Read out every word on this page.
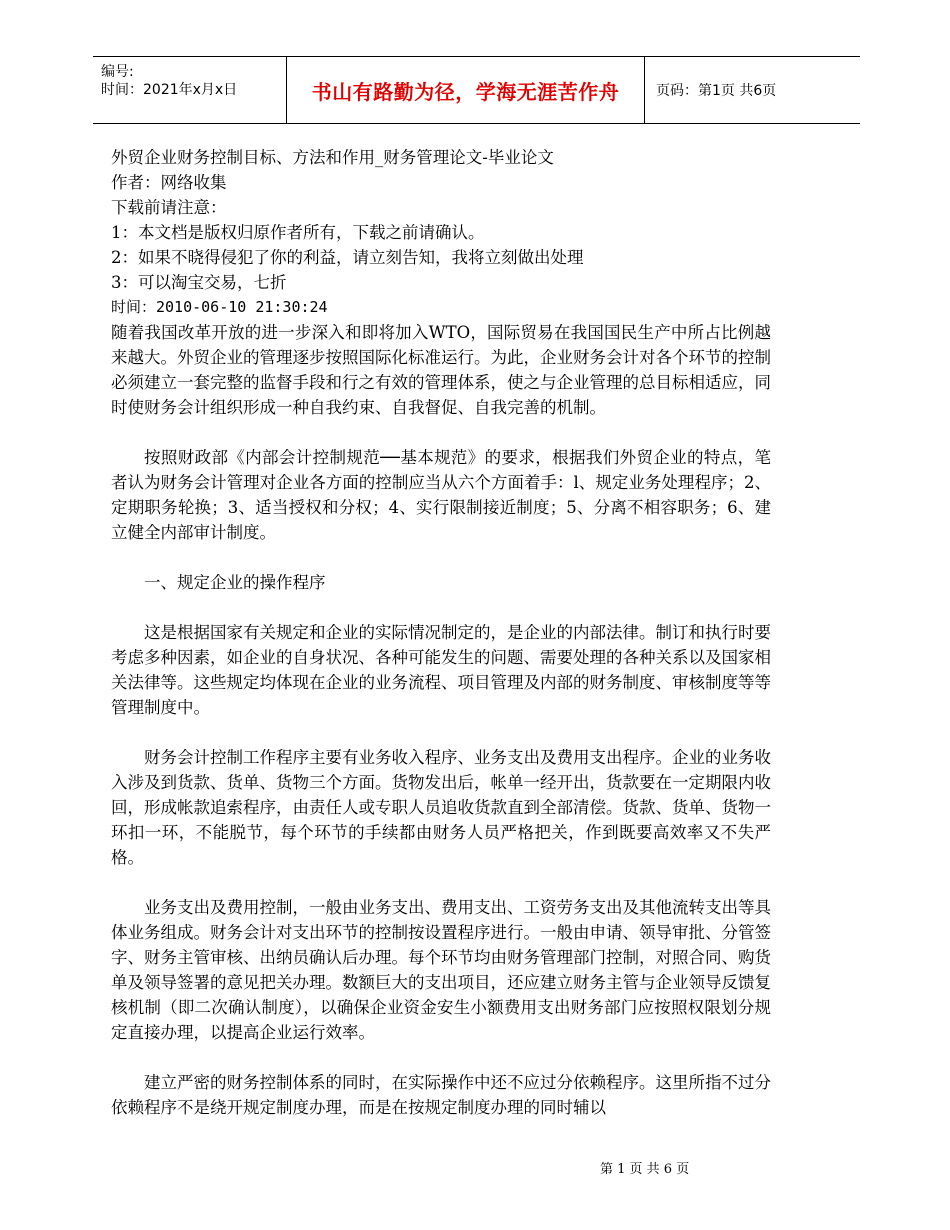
编号:
时间：2021年x月x日	书山有路勤为径，学海无涯苦作舟	页码：第1页 共6页
外贸企业财务控制目标、方法和作用_财务管理论文-毕业论文
作者：网络收集
下载前请注意：
1：本文档是版权归原作者所有，下载之前请确认。
2：如果不晓得侵犯了你的利益，请立刻告知，我将立刻做出处理
3：可以淘宝交易，七折
时间：2010-06-10 21:30:24

随着我国改革开放的进一步深入和即将加入WTO，国际贸易在我国国民生产中所占比例越来越大。外贸企业的管理逐步按照国际化标准运行。为此，企业财务会计对各个环节的控制必须建立一套完整的监督手段和行之有效的管理体系，使之与企业管理的总目标相适应，同时使财务会计组织形成一种自我约束、自我督促、自我完善的机制。

按照财政部《内部会计控制规范──基本规范》的要求，根据我们外贸企业的特点，笔者认为财务会计管理对企业各方面的控制应当从六个方面着手：l、规定业务处理程序；2、定期职务轮换；3、适当授权和分权；4、实行限制接近制度；5、分离不相容职务；6、建立健全内部审计制度。

一、规定企业的操作程序

这是根据国家有关规定和企业的实际情况制定的，是企业的内部法律。制订和执行时要考虑多种因素，如企业的自身状况、各种可能发生的问题、需要处理的各种关系以及国家相关法律等。这些规定均体现在企业的业务流程、项目管理及内部的财务制度、审核制度等等管理制度中。

财务会计控制工作程序主要有业务收入程序、业务支出及费用支出程序。企业的业务收入涉及到货款、货单、货物三个方面。货物发出后，帐单一经开出，货款要在一定期限内收回，形成帐款追索程序，由责任人或专职人员追收货款直到全部清偿。货款、货单、货物一环扣一环，不能脱节，每个环节的手续都由财务人员严格把关，作到既要高效率又不失严格。

业务支出及费用控制，一般由业务支出、费用支出、工资劳务支出及其他流转支出等具体业务组成。财务会计对支出环节的控制按设置程序进行。一般由申请、领导审批、分管签字、财务主管审核、出纳员确认后办理。每个环节均由财务管理部门控制，对照合同、购货单及领导签署的意见把关办理。数额巨大的支出项目，还应建立财务主管与企业领导反馈复核机制（即二次确认制度），以确保企业资金安生小额费用支出财务部门应按照权限划分规定直接办理，以提高企业运行效率。

建立严密的财务控制体系的同时，在实际操作中还不应过分依赖程序。这里所指不过分依赖程序不是绕开规定制度办理，而是在按规定制度办理的同时辅以

第 1 页 共 6 页
